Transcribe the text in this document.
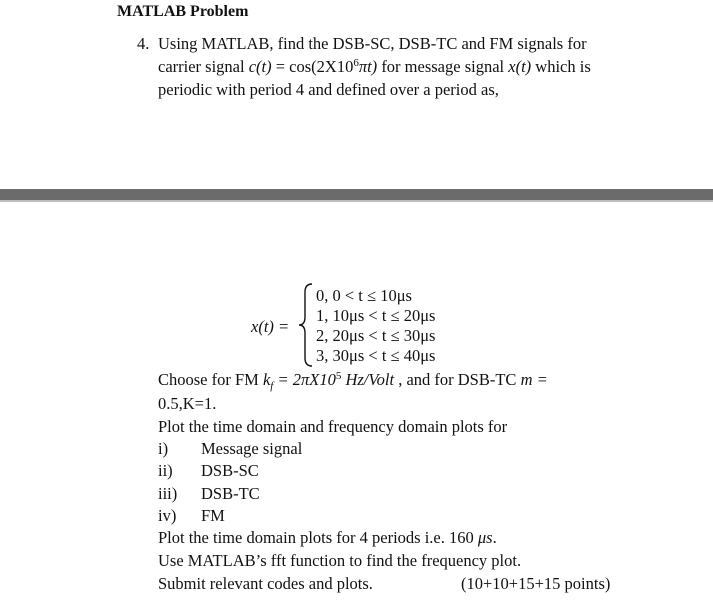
MATLAB Problem
4. Using MATLAB, find the DSB-SC, DSB-TC and FM signals for
carrier signal $c(t) = \cos(2X10^6\pi t)$ for message signal x(t) which is
periodic with period 4 and defined over a period as,
x(t) =
0, 0 < t ≤ 10μs
1, 10μs < t ≤ 20μs
2, 20μs < t ≤ 30μs
3, 30μs < t ≤ 40μs
Choose for FM $k_f = 2\pi X10^5$ Hz/Volt , and for DSB-TC m =
0.5,K=1.
Plot the time domain and frequency domain plots for
i) Message signal
ii) DSB-SC
iii) DSB-TC
iv) FM
Plot the time domain plots for 4 periods i.e. 160 μs.
Use MATLAB’s fft function to find the frequency plot.
Submit relevant codes and plots.	(10+10+15+15 points)
